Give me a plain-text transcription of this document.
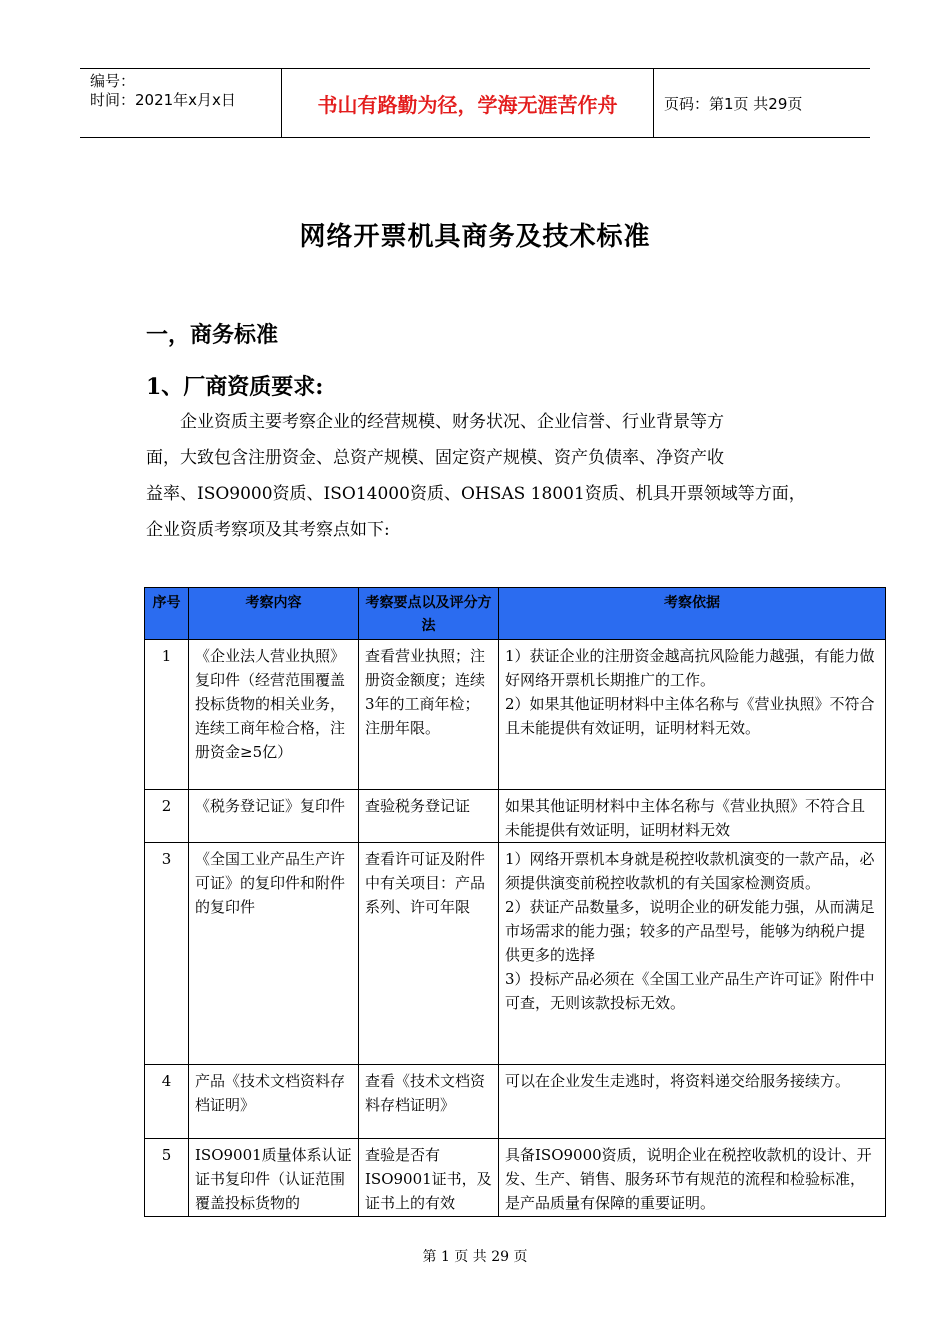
编号：
时间：2021年x月x日	书山有路勤为径，学海无涯苦作舟	页码：第1页 共29页
网络开票机具商务及技术标准
一，商务标准
1、厂商资质要求:

　　企业资质主要考察企业的经营规模、财务状况、企业信誉、行业背景等方

面，大致包含注册资金、总资产规模、固定资产规模、资产负债率、净资产收

益率、ISO9000资质、ISO14000资质、OHSAS 18001资质、机具开票领域等方面，

企业资质考察项及其考察点如下:

序号	考察内容	考察要点以及评分方法	考察依据
1	《企业法人营业执照》复印件（经营范围覆盖投标货物的相关业务，连续工商年检合格，注册资金≥5亿）	查看营业执照；注册资金额度；连续3年的工商年检；注册年限。	1）获证企业的注册资金越高抗风险能力越强，有能力做好网络开票机长期推广的工作。
2）如果其他证明材料中主体名称与《营业执照》不符合且未能提供有效证明，证明材料无效。
2	《税务登记证》复印件	查验税务登记证	如果其他证明材料中主体名称与《营业执照》不符合且未能提供有效证明，证明材料无效
3	《全国工业产品生产许可证》的复印件和附件的复印件	查看许可证及附件中有关项目：产品系列、许可年限	1）网络开票机本身就是税控收款机演变的一款产品，必须提供演变前税控收款机的有关国家检测资质。
2）获证产品数量多，说明企业的研发能力强，从而满足市场需求的能力强；较多的产品型号，能够为纳税户提供更多的选择
3）投标产品必须在《全国工业产品生产许可证》附件中可查，无则该款投标无效。
4	产品《技术文档资料存档证明》	查看《技术文档资料存档证明》	可以在企业发生走逃时，将资料递交给服务接续方。
5	ISO9001质量体系认证证书复印件（认证范围覆盖投标货物的	查验是否有ISO9001证书，及证书上的有效	具备ISO9000资质，说明企业在税控收款机的设计、开发、生产、销售、服务环节有规范的流程和检验标准，是产品质量有保障的重要证明。
第 1 页 共 29 页
